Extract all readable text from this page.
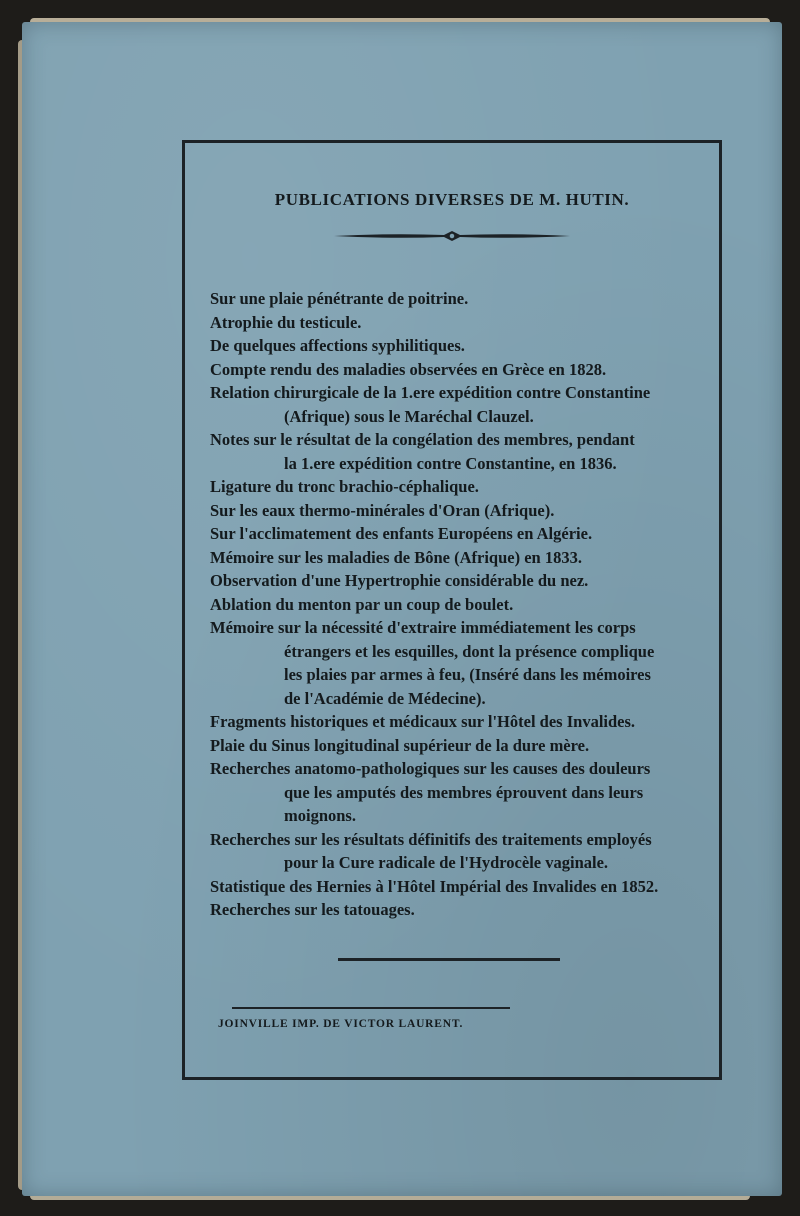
PUBLICATIONS DIVERSES DE M. HUTIN.
Sur une plaie pénétrante de poitrine.
Atrophie du testicule.
De quelques affections syphilitiques.
Compte rendu des maladies observées en Grèce en 1828.
Relation chirurgicale de la 1.ere expédition contre Constantine
(Afrique) sous le Maréchal Clauzel.
Notes sur le résultat de la congélation des membres, pendant
la 1.ere expédition contre Constantine, en 1836.
Ligature du tronc brachio-céphalique.
Sur les eaux thermo-minérales d'Oran (Afrique).
Sur l'acclimatement des enfants Européens en Algérie.
Mémoire sur les maladies de Bône (Afrique) en 1833.
Observation d'une Hypertrophie considérable du nez.
Ablation du menton par un coup de boulet.
Mémoire sur la nécessité d'extraire immédiatement les corps
étrangers et les esquilles, dont la présence complique
les plaies par armes à feu, (Inséré dans les mémoires
de l'Académie de Médecine).
Fragments historiques et médicaux sur l'Hôtel des Invalides.
Plaie du Sinus longitudinal supérieur de la dure mère.
Recherches anatomo-pathologiques sur les causes des douleurs
que les amputés des membres éprouvent dans leurs
moignons.
Recherches sur les résultats définitifs des traitements employés
pour la Cure radicale de l'Hydrocèle vaginale.
Statistique des Hernies à l'Hôtel Impérial des Invalides en 1852.
Recherches sur les tatouages.

JOINVILLE IMP. DE VICTOR LAURENT.
